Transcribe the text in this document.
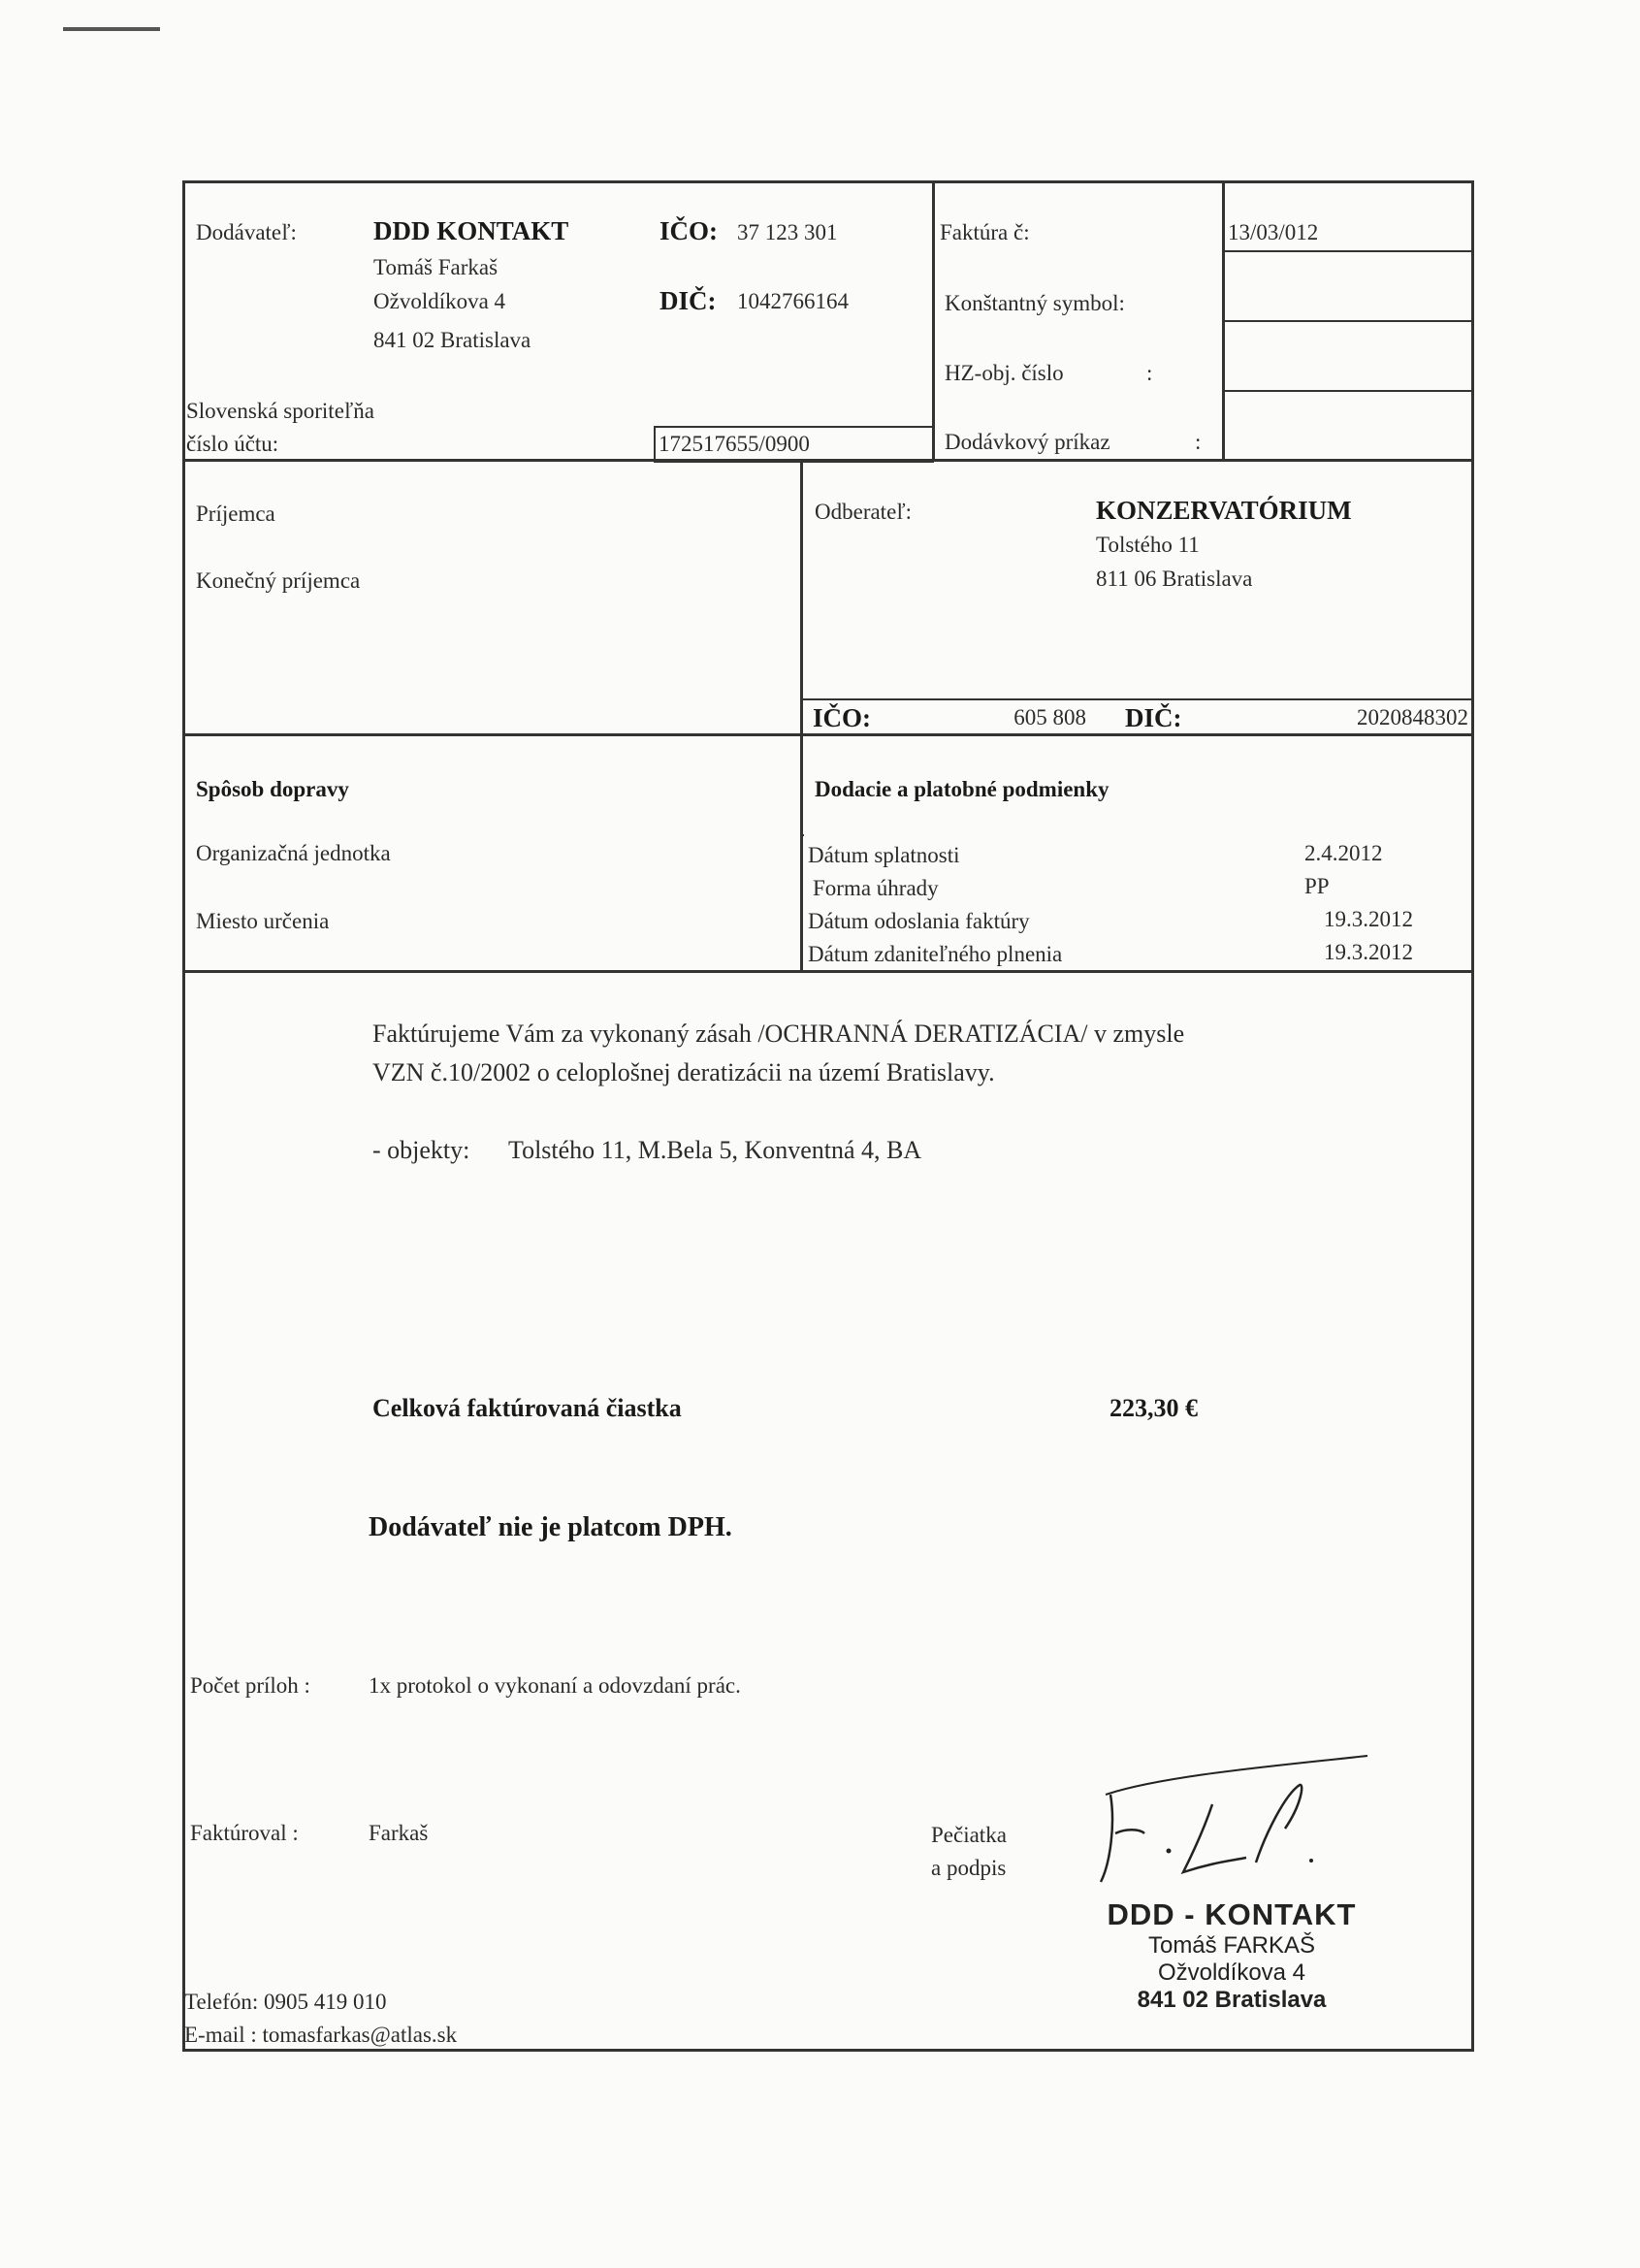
Dodávateľ:	DDD KONTAKT
Tomáš Farkaš
Ožvoldíkova 4
841 02 Bratislava
IČO: 37 123 301
DIČ: 1042766164
Slovenská sporiteľňa
číslo účtu:	172517655/0900
Faktúra č:	13/03/012
Konštantný symbol:
HZ-obj. číslo	:
Dodávkový príkaz	:
Príjemca
Konečný príjemca
Odberateľ:	KONZERVATÓRIUM
Tolstého 11
811 06 Bratislava
IČO:	605 808 DIČ:	2020848302
Spôsob dopravy
Organizačná jednotka
Miesto určenia
Dodacie a platobné podmienky
Dátum splatnosti	2.4.2012
Forma úhrady	PP
Dátum odoslania faktúry	19.3.2012
Dátum zdaniteľného plnenia	19.3.2012
Faktúrujeme Vám za vykonaný zásah /OCHRANNÁ DERATIZÁCIA/ v zmysle
VZN č.10/2002 o celoplošnej deratizácii na území Bratislavy.
- objekty: Tolstého 11, M.Bela 5, Konventná 4, BA
Celková faktúrovaná čiastka	223,30 €
Dodávateľ nie je platcom DPH.
Počet príloh :	1x protokol o vykonaní a odovzdaní prác.
Faktúroval :	Farkaš	Pečiatka
a podpis
Telefón: 0905 419 010
E-mail : tomasfarkas@atlas.sk
DDD - KONTAKT
Tomáš FARKAŠ
Ožvoldíkova 4
841 02 Bratislava
